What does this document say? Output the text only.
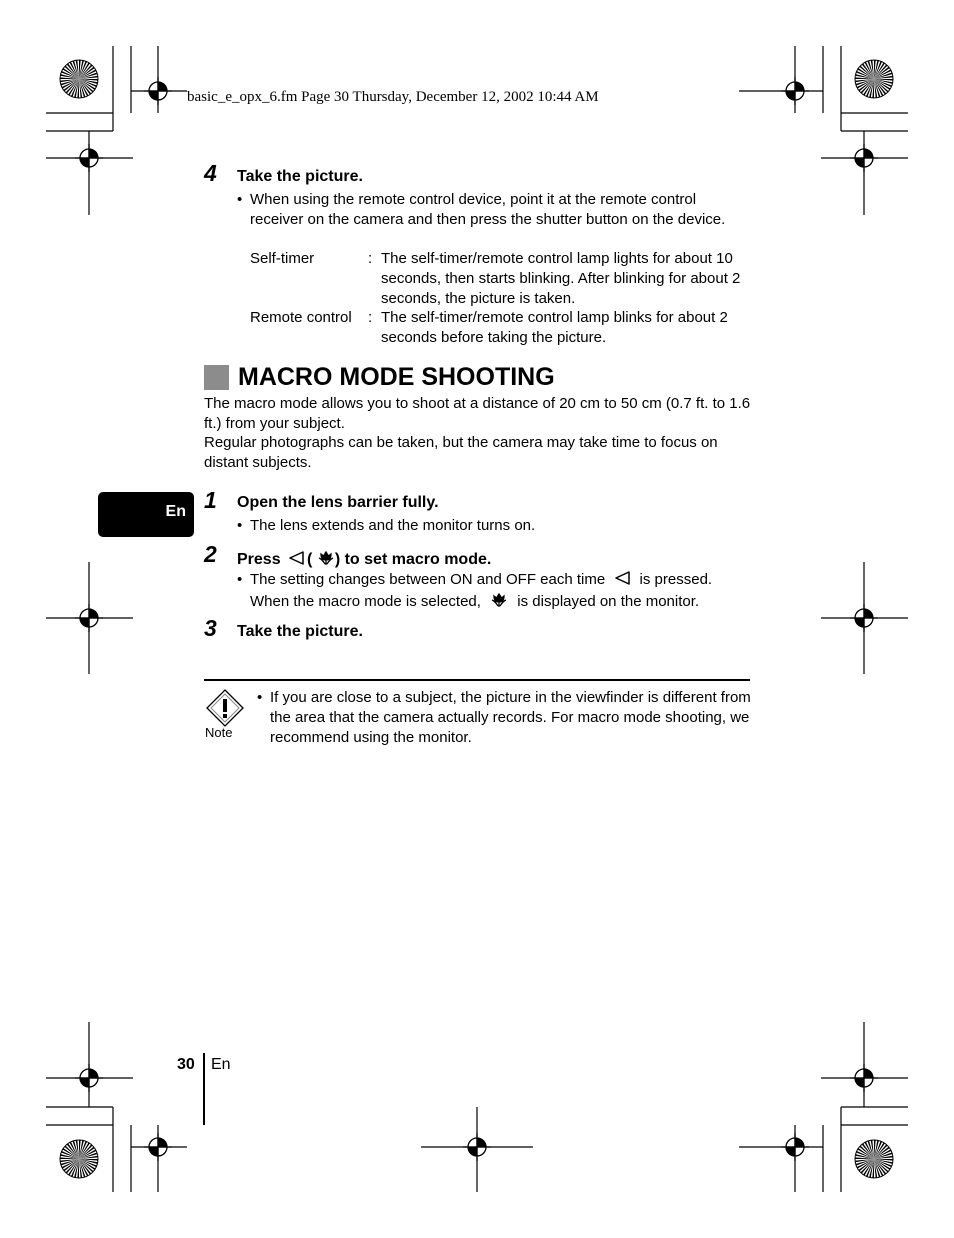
basic_e_opx_6.fm Page 30 Thursday, December 12, 2002 10:44 AM
4 Take the picture.
• When using the remote control device, point it at the remote control receiver on the camera and then press the shutter button on the device.
Self-timer	: The self-timer/remote control lamp lights for about 10 seconds, then starts blinking. After blinking for about 2 seconds, the picture is taken.
Remote control : The self-timer/remote control lamp blinks for about 2 seconds before taking the picture.
MACRO MODE SHOOTING
The macro mode allows you to shoot at a distance of 20 cm to 50 cm (0.7 ft. to 1.6 ft.) from your subject.
Regular photographs can be taken, but the camera may take time to focus on distant subjects.
En 1 Open the lens barrier fully.
• The lens extends and the monitor turns on.
2 Press ( ) to set macro mode.
• The setting changes between ON and OFF each time is pressed.
When the macro mode is selected, is displayed on the monitor.
3 Take the picture.
Note
• If you are close to a subject, the picture in the viewfinder is different from the area that the camera actually records. For macro mode shooting, we recommend using the monitor.
30 En
